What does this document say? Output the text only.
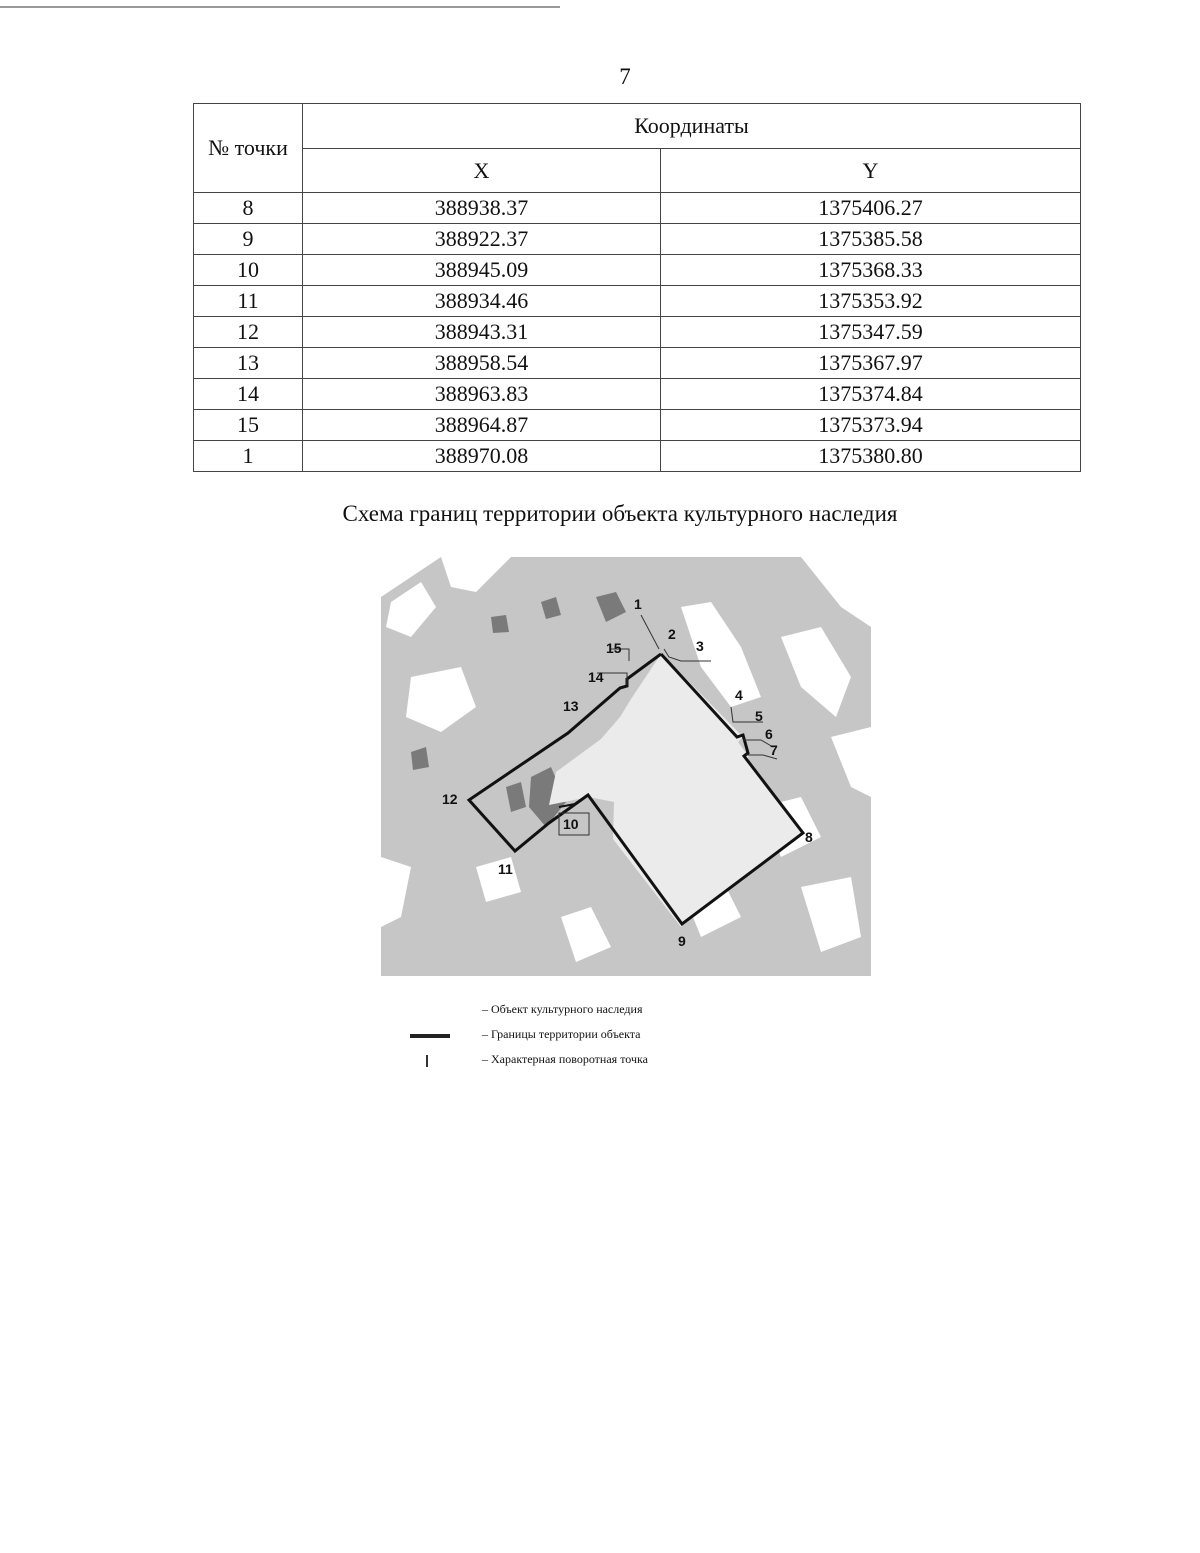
7
№ точки	Координаты	
	X	Y
8	388938.37	1375406.27
9	388922.37	1375385.58
10	388945.09	1375368.33
11	388934.46	1375353.92
12	388943.31	1375347.59
13	388958.54	1375367.97
14	388963.83	1375374.84
15	388964.87	1375373.94
1	388970.08	1375380.80
Схема границ территории объекта культурного наследия
1
2
3
4
5
6
7
8
9
10
11
12
13
14
15
– Объект культурного наследия
– Границы территории объекта
– Характерная поворотная точка
